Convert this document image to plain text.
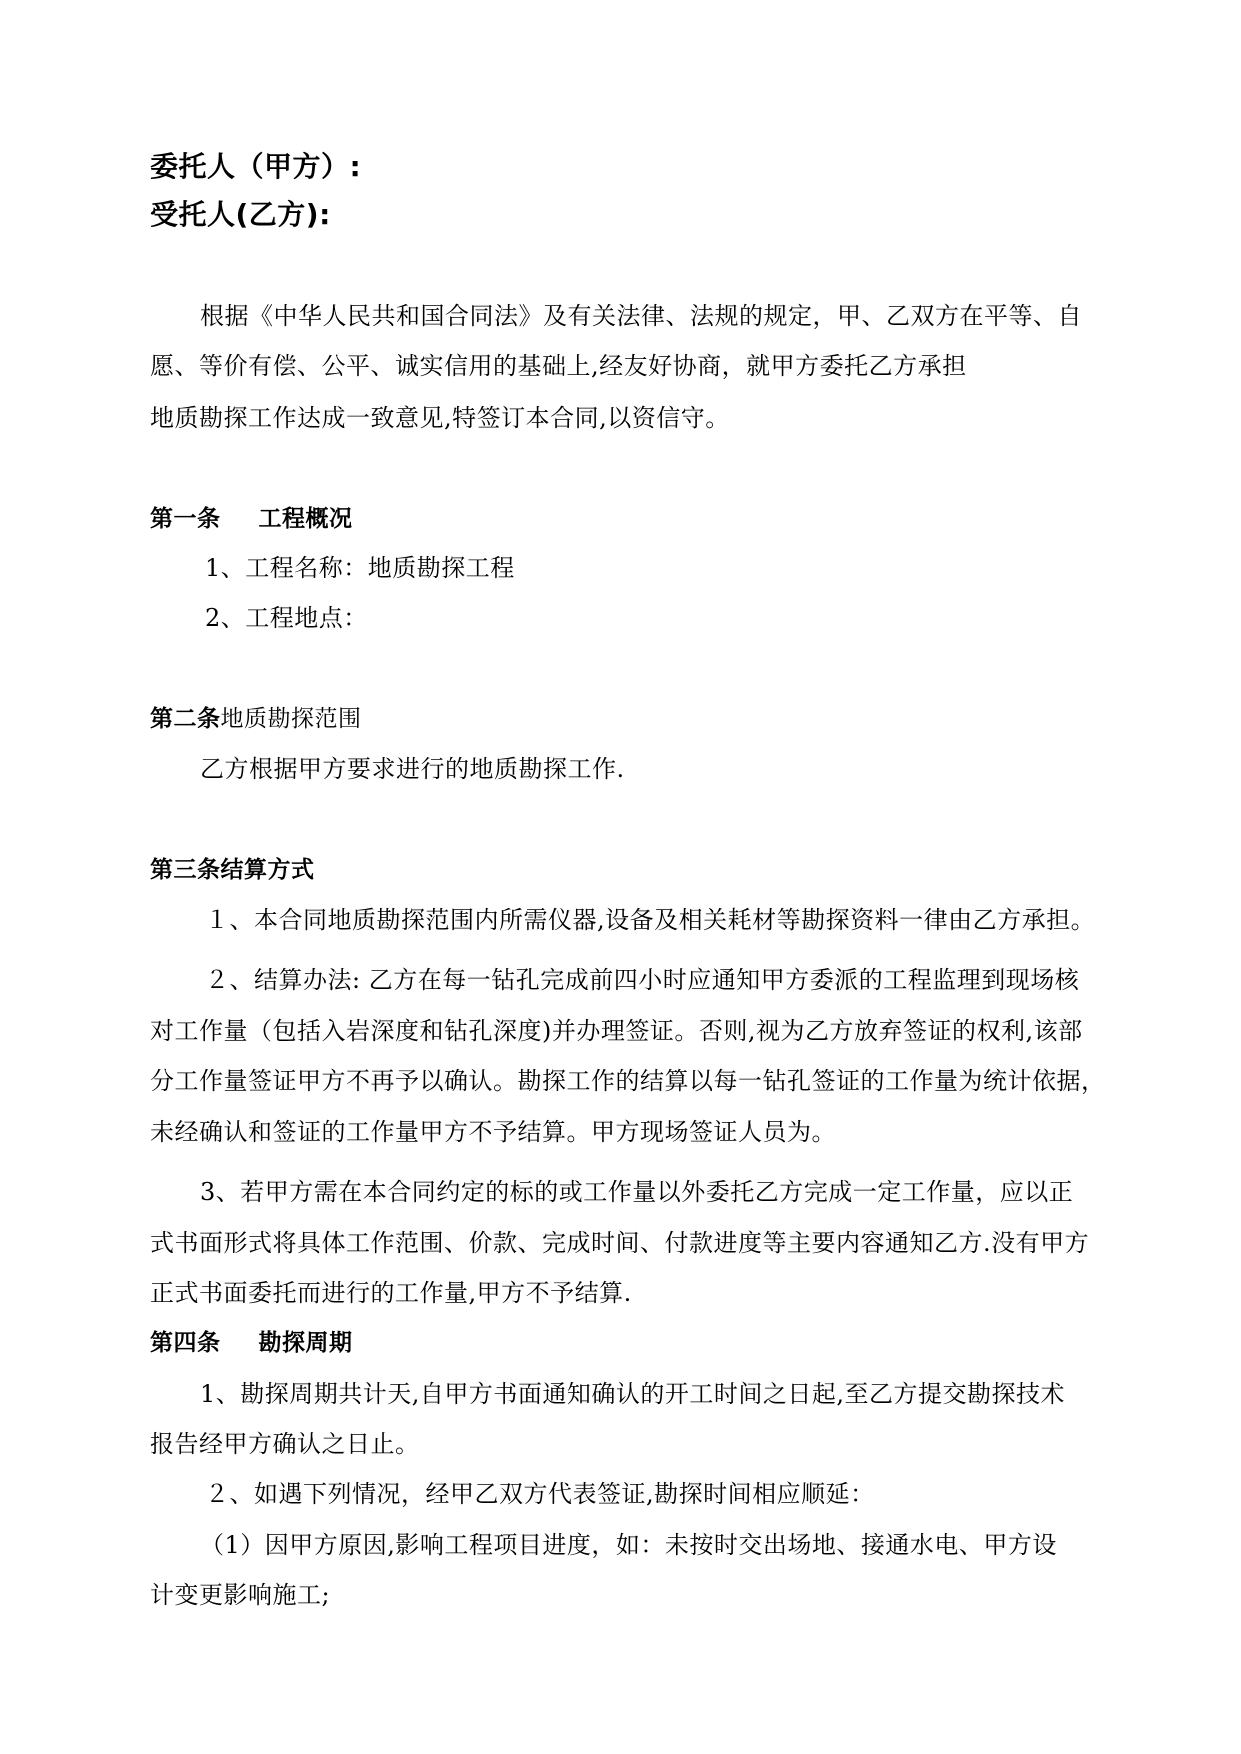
委托人（甲方）:
受托人(乙方):
根据《中华人民共和国合同法》及有关法律、法规的规定，甲、乙双方在平等、自
愿、等价有偿、公平、诚实信用的基础上,经友好协商，就甲方委托乙方承担
地质勘探工作达成一致意见,特签订本合同,以资信守。
第一条 工程概况
1、工程名称：地质勘探工程
2、工程地点：
第二条地质勘探范围
乙方根据甲方要求进行的地质勘探工作.
第三条结算方式
１、本合同地质勘探范围内所需仪器,设备及相关耗材等勘探资料一律由乙方承担。
２、结算办法: 乙方在每一钻孔完成前四小时应通知甲方委派的工程监理到现场核
对工作量（包括入岩深度和钻孔深度)并办理签证。否则,视为乙方放弃签证的权利,该部
分工作量签证甲方不再予以确认。勘探工作的结算以每一钻孔签证的工作量为统计依据，
未经确认和签证的工作量甲方不予结算。甲方现场签证人员为。
3、若甲方需在本合同约定的标的或工作量以外委托乙方完成一定工作量，应以正
式书面形式将具体工作范围、价款、完成时间、付款进度等主要内容通知乙方.没有甲方
正式书面委托而进行的工作量,甲方不予结算.
第四条 勘探周期
1、勘探周期共计天,自甲方书面通知确认的开工时间之日起,至乙方提交勘探技术
报告经甲方确认之日止。
２、如遇下列情况，经甲乙双方代表签证,勘探时间相应顺延：
（1）因甲方原因,影响工程项目进度，如：未按时交出场地、接通水电、甲方设
计变更影响施工;
